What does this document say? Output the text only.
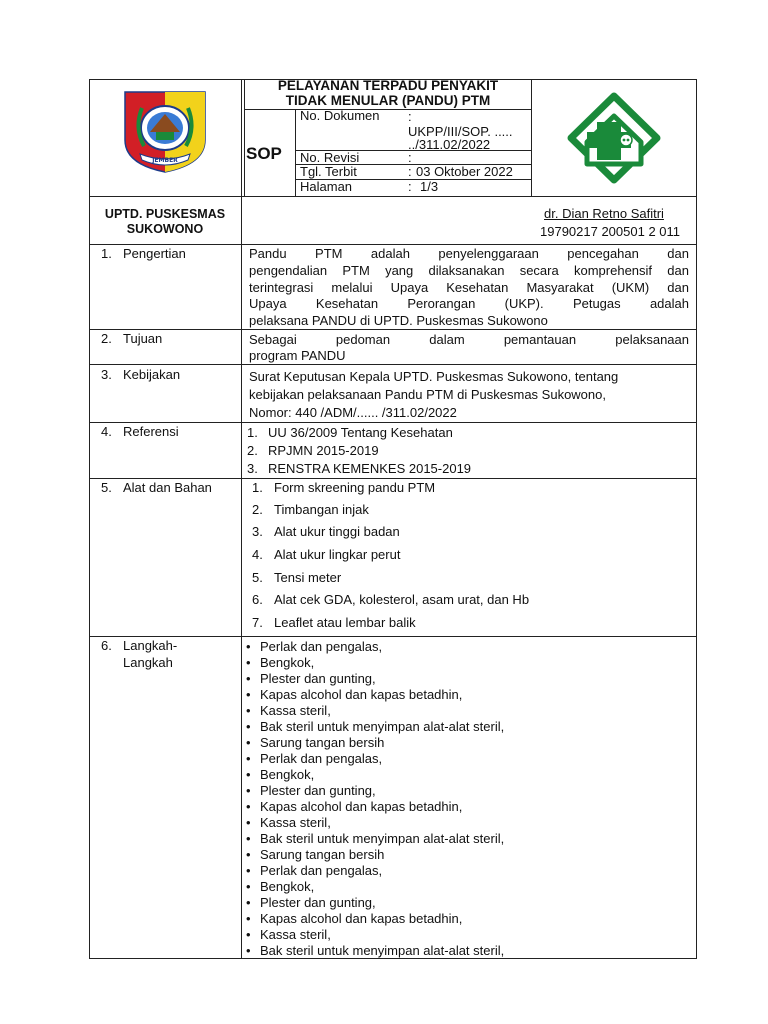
JEMBER
PELAYANAN TERPADU PENYAKIT
TIDAK MENULAR (PANDU) PTM
SOP
No. Dokumen :
UKPP/III/SOP. .....
../311.02/2022
No. Revisi	:
Tgl. Terbit	: 03 Oktober 2022
Halaman	: 1/3
UPTD. PUSKESMAS
SUKOWONO
dr. Dian Retno Safitri
19790217 200501 2 011
1. Pengertian	Pandu PTM adalah penyelenggaraan pencegahan dan
pengendalian PTM yang dilaksanakan secara komprehensif dan
terintegrasi melalui Upaya Kesehatan Masyarakat (UKM) dan
Upaya Kesehatan Perorangan (UKP). Petugas adalah
pelaksana PANDU di UPTD. Puskesmas Sukowono
2. Tujuan	Sebagai pedoman dalam pemantauan pelaksanaan
program PANDU
3. Kebijakan	Surat Keputusan Kepala UPTD. Puskesmas Sukowono, tentang
kebijakan pelaksanaan Pandu PTM di Puskesmas Sukowono,
Nomor: 440 /ADM/...... /311.02/2022
4. Referensi	1. UU 36/2009 Tentang Kesehatan
2. RPJMN 2015-2019
3. RENSTRA KEMENKES 2015-2019
5. Alat dan Bahan	1. Form skreening pandu PTM
2. Timbangan injak
3. Alat ukur tinggi badan
4. Alat ukur lingkar perut
5. Tensi meter
6. Alat cek GDA, kolesterol, asam urat, dan Hb
7. Leaflet atau lembar balik
6. Langkah-
Langkah
• Perlak dan pengalas,
• Bengkok,
• Plester dan gunting,
• Kapas alcohol dan kapas betadhin,
• Kassa steril,
• Bak steril untuk menyimpan alat-alat steril,
• Sarung tangan bersih
• Perlak dan pengalas,
• Bengkok,
• Plester dan gunting,
• Kapas alcohol dan kapas betadhin,
• Kassa steril,
• Bak steril untuk menyimpan alat-alat steril,
• Sarung tangan bersih
• Perlak dan pengalas,
• Bengkok,
• Plester dan gunting,
• Kapas alcohol dan kapas betadhin,
• Kassa steril,
• Bak steril untuk menyimpan alat-alat steril,
